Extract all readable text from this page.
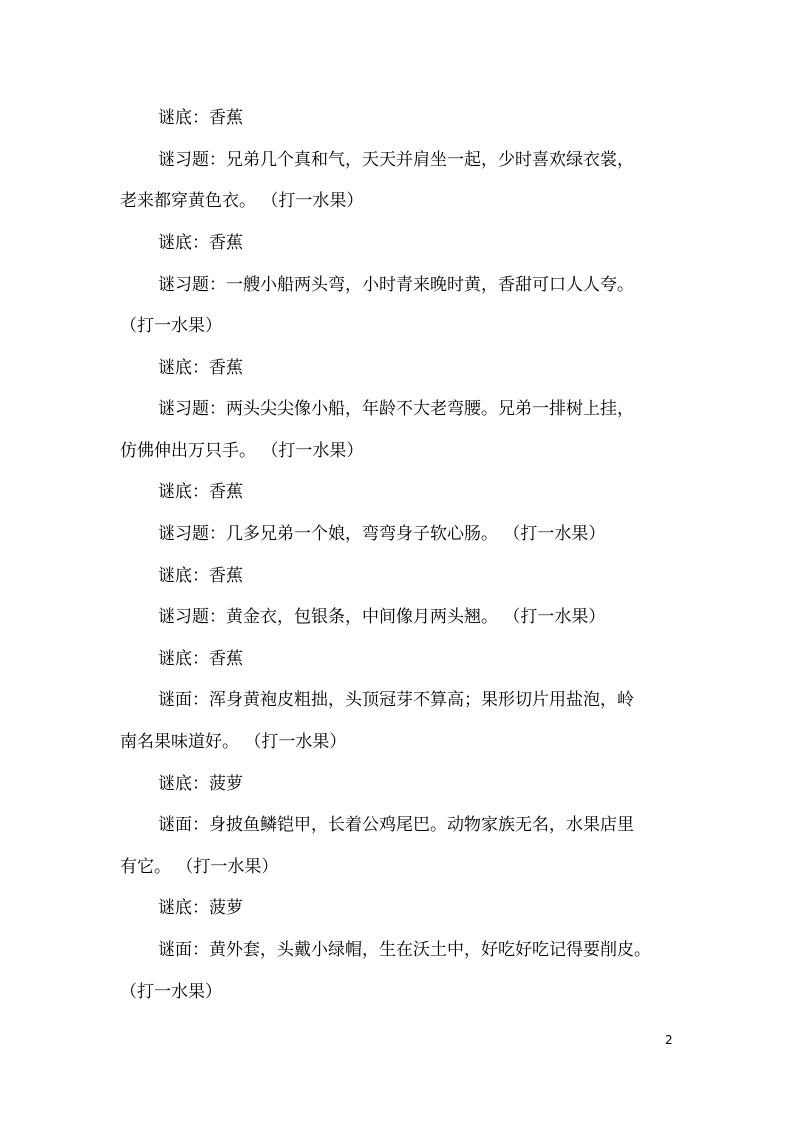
谜底：香蕉
谜习题：兄弟几个真和气，天天并肩坐一起，少时喜欢绿衣裳，
老来都穿黄色衣。 （打一水果）
谜底：香蕉
谜习题：一艘小船两头弯，小时青来晚时黄，香甜可口人人夸。
（打一水果）
谜底：香蕉
谜习题：两头尖尖像小船，年龄不大老弯腰。兄弟一排树上挂，
仿佛伸出万只手。 （打一水果）
谜底：香蕉
谜习题：几多兄弟一个娘，弯弯身子软心肠。 （打一水果）
谜底：香蕉
谜习题：黄金衣，包银条，中间像月两头翘。 （打一水果）
谜底：香蕉
谜面：浑身黄袍皮粗拙，头顶冠芽不算高；果形切片用盐泡，岭
南名果味道好。 （打一水果）
谜底：菠萝
谜面：身披鱼鳞铠甲，长着公鸡尾巴。动物家族无名，水果店里
有它。 （打一水果）
谜底：菠萝
谜面：黄外套，头戴小绿帽，生在沃土中，好吃好吃记得要削皮。
（打一水果）
2
